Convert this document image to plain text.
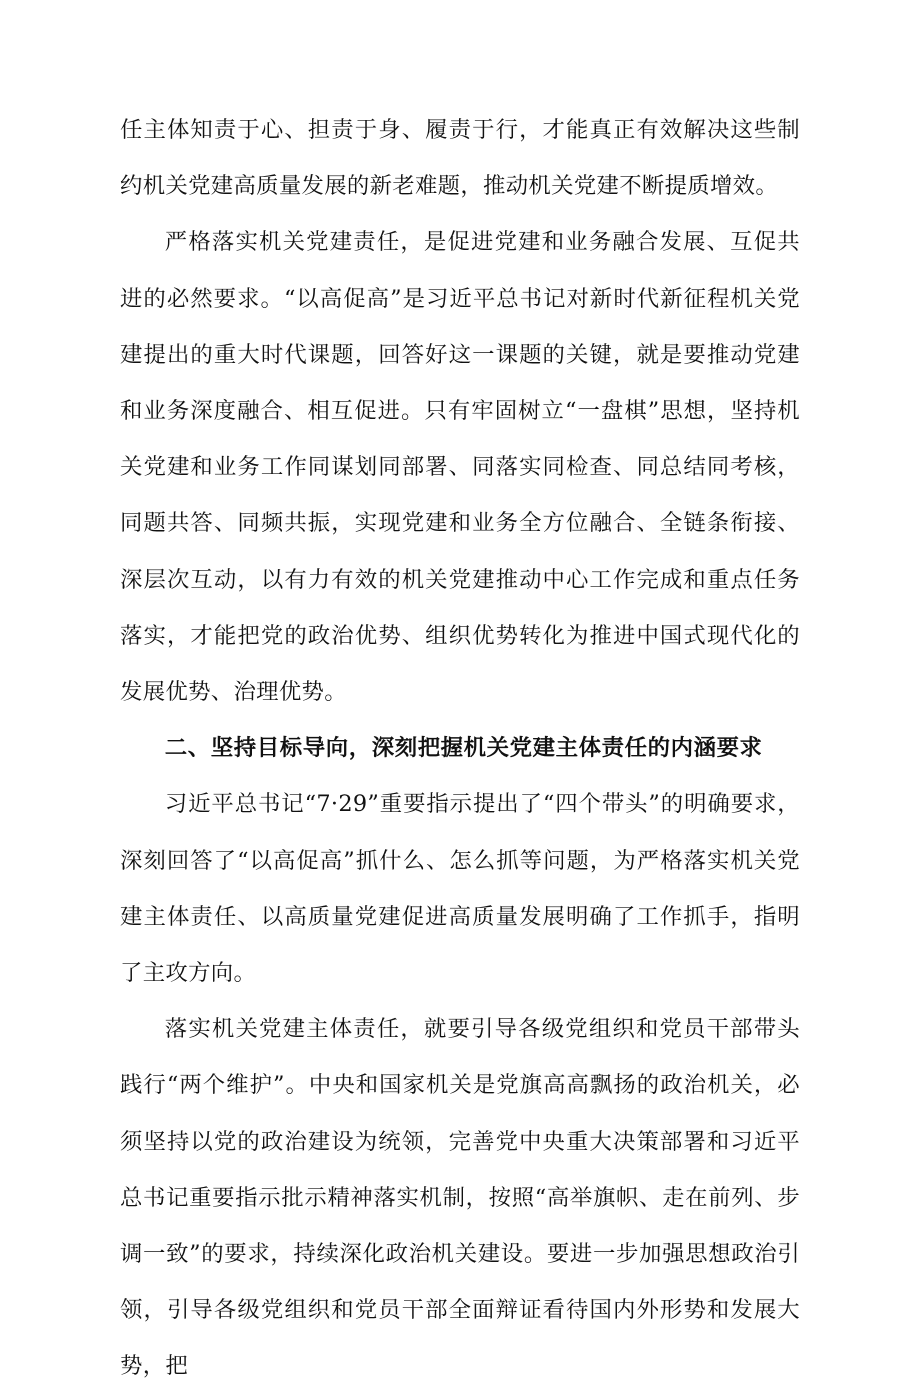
任主体知责于心、担责于身、履责于行，才能真正有效解决这些制约机关党建高质量发展的新老难题，推动机关党建不断提质增效。

严格落实机关党建责任，是促进党建和业务融合发展、互促共进的必然要求。“以高促高”是习近平总书记对新时代新征程机关党建提出的重大时代课题，回答好这一课题的关键，就是要推动党建和业务深度融合、相互促进。只有牢固树立“一盘棋”思想，坚持机关党建和业务工作同谋划同部署、同落实同检查、同总结同考核，同题共答、同频共振，实现党建和业务全方位融合、全链条衔接、深层次互动，以有力有效的机关党建推动中心工作完成和重点任务落实，才能把党的政治优势、组织优势转化为推进中国式现代化的发展优势、治理优势。

二、坚持目标导向，深刻把握机关党建主体责任的内涵要求

习近平总书记“7·29”重要指示提出了“四个带头”的明确要求，深刻回答了“以高促高”抓什么、怎么抓等问题，为严格落实机关党建主体责任、以高质量党建促进高质量发展明确了工作抓手，指明了主攻方向。

落实机关党建主体责任，就要引导各级党组织和党员干部带头践行“两个维护”。中央和国家机关是党旗高高飘扬的政治机关，必须坚持以党的政治建设为统领，完善党中央重大决策部署和习近平总书记重要指示批示精神落实机制，按照“高举旗帜、走在前列、步调一致”的要求，持续深化政治机关建设。要进一步加强思想政治引领，引导各级党组织和党员干部全面辩证看待国内外形势和发展大势，把
